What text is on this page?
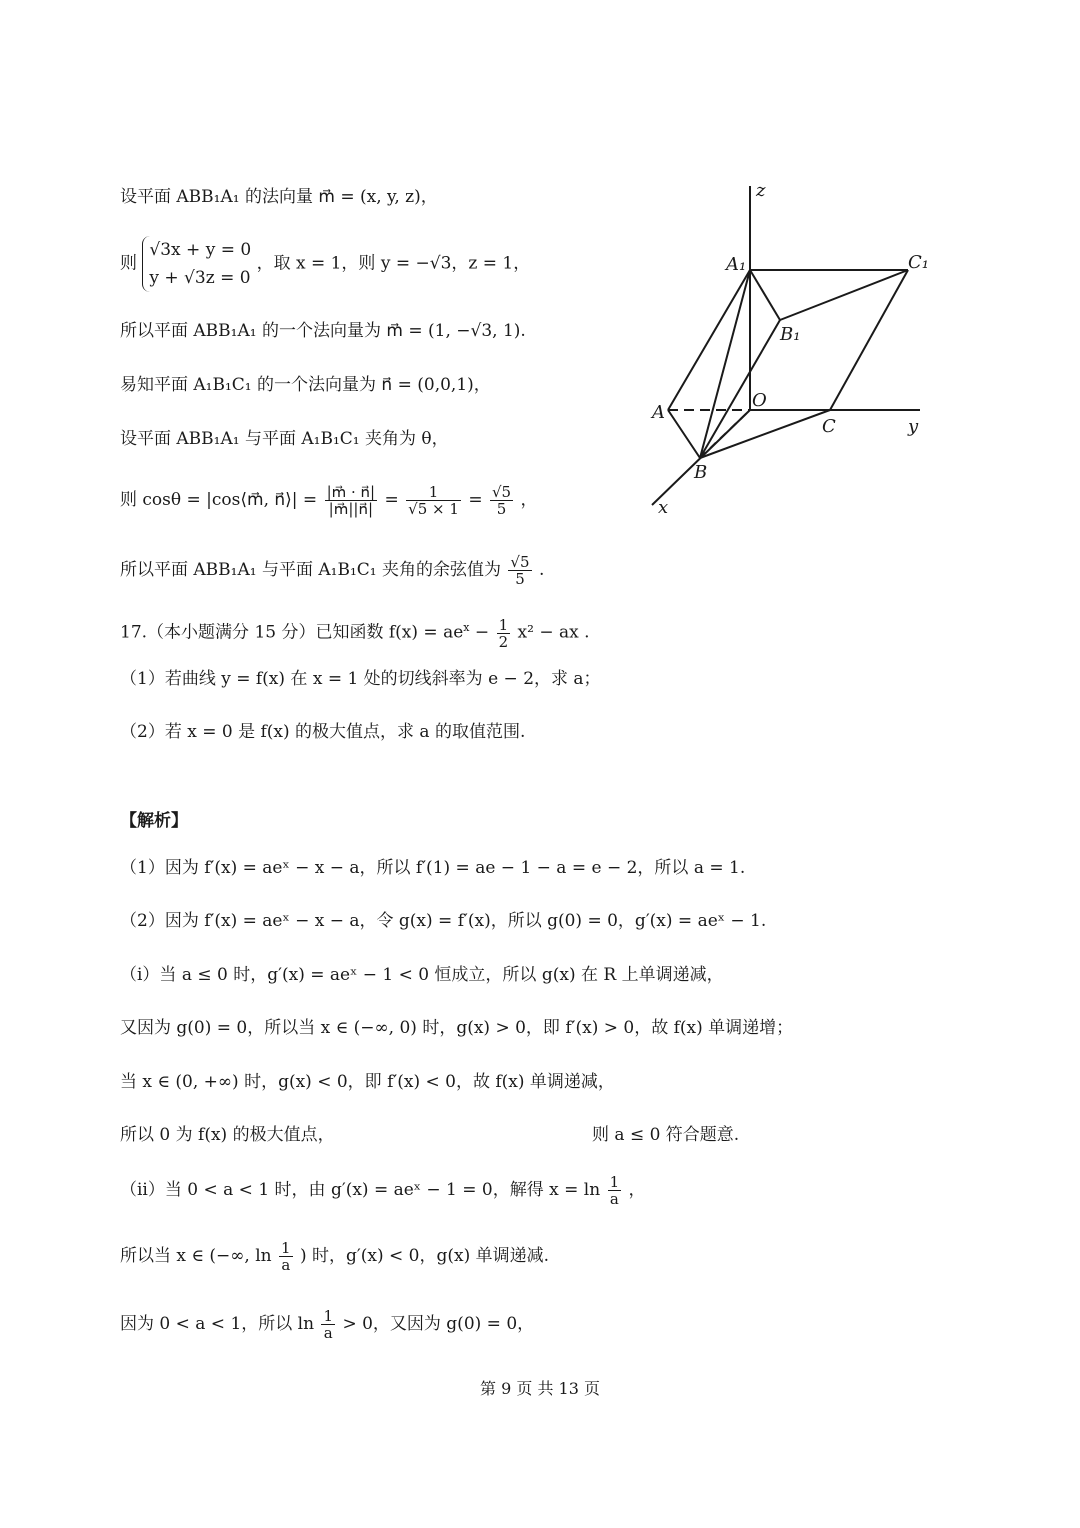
设平面 ABB₁A₁ 的法向量 m⃗ = (x, y, z)，
则 √3x + y = 0
y + √3z = 0 ，取 x = 1，则 y = −√3，z = 1，
所以平面 ABB₁A₁ 的一个法向量为 m⃗ = (1, −√3, 1).
易知平面 A₁B₁C₁ 的一个法向量为 n⃗ = (0,0,1)，
设平面 ABB₁A₁ 与平面 A₁B₁C₁ 夹角为 θ，
则 cosθ = |cos⟨m⃗, n⃗⟩| = $\frac{|m⃗ \cdot n⃗|}{|m⃗||n⃗|} = \frac{1}{√5 \times 1} = \frac{√5}{5}$ ，
所以平面 ABB₁A₁ 与平面 A₁B₁C₁ 夹角的余弦值为 $\frac{√5}{5}$ .
17.（本小题满分 15 分）已知函数 $f(x) = ae^x - \frac{1}{2} x^2$ − ax .
（1）若曲线 y = f(x) 在 x = 1 处的切线斜率为 e − 2，求 a；
（2）若 x = 0 是 f(x) 的极大值点，求 a 的取值范围.
【解析】
（1）因为 f′(x) = aeˣ − x − a，所以 f′(1) = ae − 1 − a = e − 2，所以 a = 1.
（2）因为 f′(x) = aeˣ − x − a，令 g(x) = f′(x)，所以 g(0) = 0，g′(x) = aeˣ − 1.
（i）当 a ≤ 0 时，g′(x) = aeˣ − 1 < 0 恒成立，所以 g(x) 在 R 上单调递减，
又因为 g(0) = 0，所以当 x ∈ (−∞, 0) 时，g(x) > 0，即 f′(x) > 0，故 f(x) 单调递增；
当 x ∈ (0, +∞) 时，g(x) < 0，即 f′(x) < 0，故 f(x) 单调递减，
所以 0 为 f(x) 的极大值点，	则 a ≤ 0 符合题意.
（ii）当 0 < a < 1 时，由 g′(x) = aeˣ − 1 = 0，解得 $x = \ln \frac{1}{a}$ ，
所以当 x ∈ (−∞, $\ln \frac{1}{a}$ ) 时，g′(x) < 0，g(x) 单调递减.
因为 0 < a < 1，所以 $\ln \frac{1}{a} > 0$，又因为 g(0) = 0，
z
y
x
A₁	C₁
B₁
O
A
C
B
第 9 页 共 13 页
